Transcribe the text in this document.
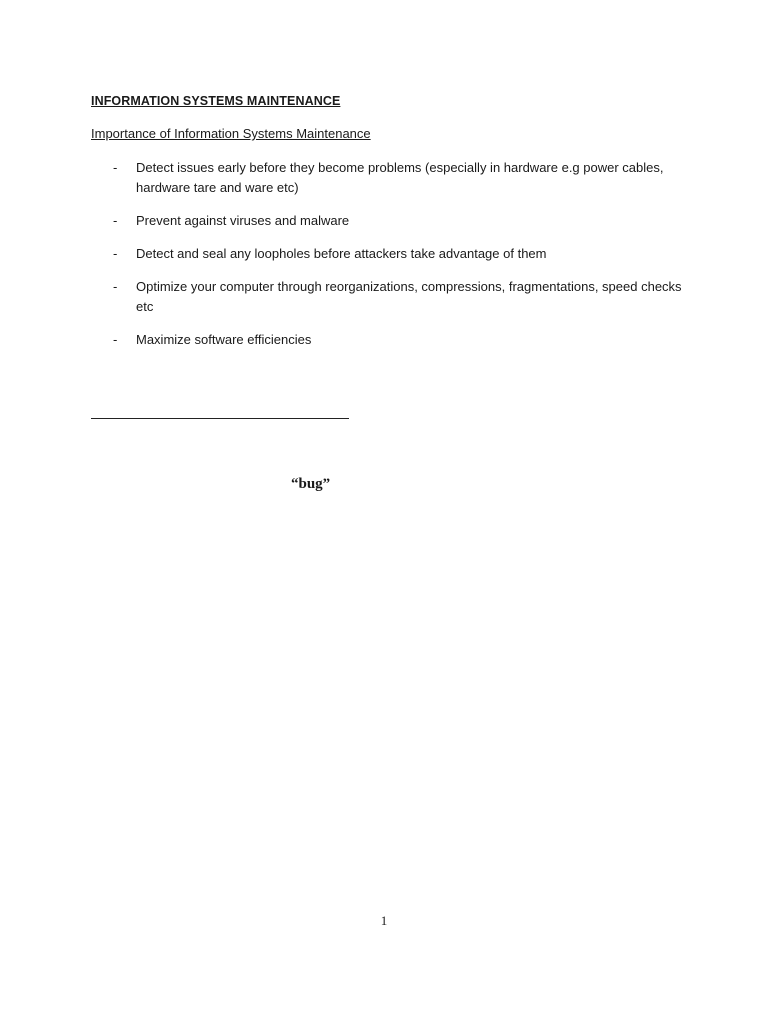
INFORMATION SYSTEMS MAINTENANCE
Importance of Information Systems Maintenance
- Detect issues early before they become problems (especially in hardware e.g power cables, hardware tare and ware etc)
- Prevent against viruses and malware
- Detect and seal any loopholes before attackers take advantage of them
- Optimize your computer through reorganizations, compressions, fragmentations, speed checks etc
- Maximize software efficiencies
“bug”
1
